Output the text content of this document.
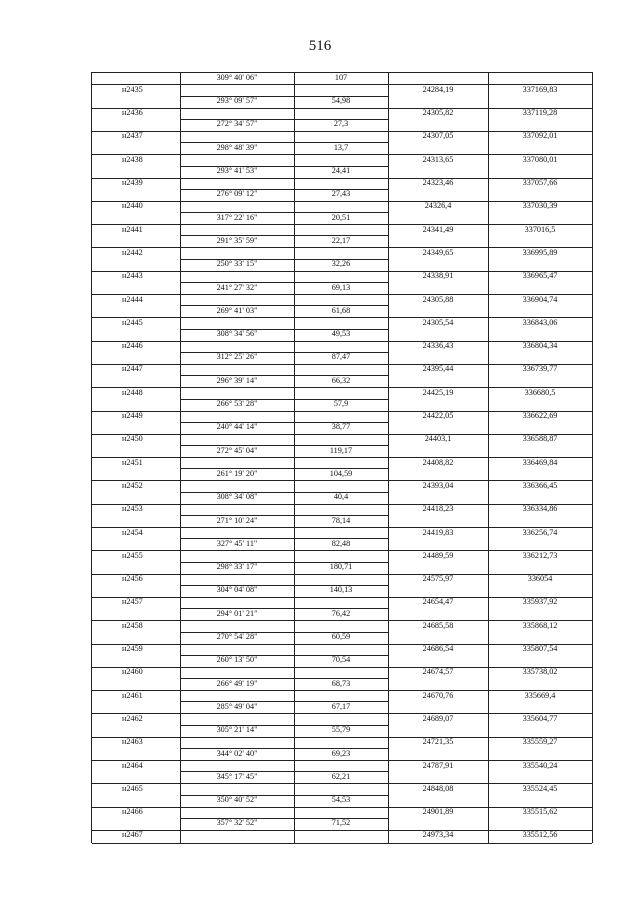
516
309° 40' 06"	107
н2435	24284,19	337169,83
293° 09' 57"	54,98
н2436	24305,82	337119,28
272° 34' 57"	27,3
н2437	24307,05	337092,01
298° 48' 39"	13,7
н2438	24313,65	337080,01
293° 41' 53"	24,41
н2439	24323,46	337057,66
276° 09' 12"	27,43
н2440	24326,4	337030,39
317° 22' 16"	20,51
н2441	24341,49	337016,5
291° 35' 59"	22,17
н2442	24349,65	336995,89
250° 33' 15"	32,26
н2443	24338,91	336965,47
241° 27' 32"	69,13
н2444	24305,88	336904,74
269° 41' 03"	61,68
н2445	24305,54	336843,06
308° 34' 56"	49,53
н2446	24336,43	336804,34
312° 25' 26"	87,47
н2447	24395,44	336739,77
296° 39' 14"	66,32
н2448	24425,19	336680,5
266° 53' 28"	57,9
н2449	24422,05	336622,69
240° 44' 14"	38,77
н2450	24403,1	336588,87
272° 45' 04"	119,17
н2451	24408,82	336469,84
261° 19' 20"	104,59
н2452	24393,04	336366,45
308° 34' 08"	40,4
н2453	24418,23	336334,86
271° 10' 24"	78,14
н2454	24419,83	336256,74
327° 45' 11"	82,48
н2455	24489,59	336212,73
298° 33' 17"	180,71
н2456	24575,97	336054
304° 04' 08"	140,13
н2457	24654,47	335937,92
294° 01' 21"	76,42
н2458	24685,58	335868,12
270° 54' 28"	60,59
н2459	24686,54	335807,54
260° 13' 50"	70,54
н2460	24674,57	335738,02
266° 49' 19"	68,73
н2461	24670,76	335669,4
285° 49' 04"	67,17
н2462	24689,07	335604,77
305° 21' 14"	55,79
н2463	24721,35	335559,27
344° 02' 40"	69,23
н2464	24787,91	335540,24
345° 17' 45"	62,21
н2465	24848,08	335524,45
350° 40' 52"	54,53
н2466	24901,89	335515,62
357° 32' 52"	71,52
н2467	24973,34	335512,56
